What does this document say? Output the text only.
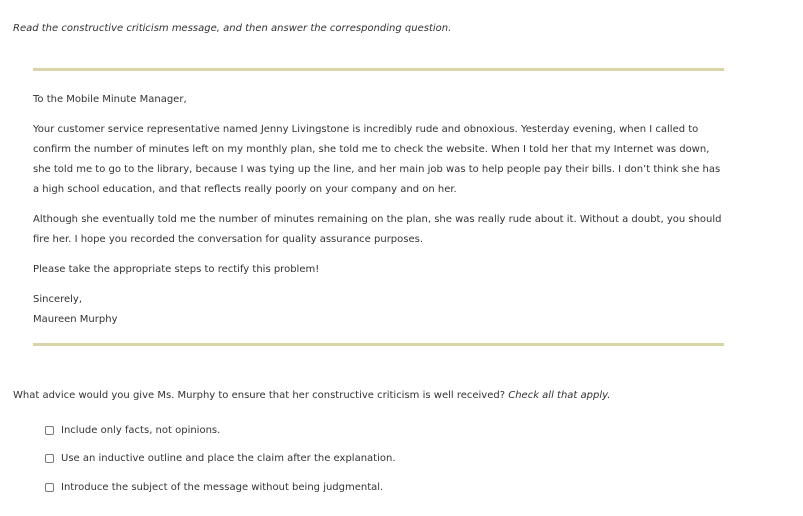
Read the constructive criticism message, and then answer the corresponding question.

To the Mobile Minute Manager,

Your customer service representative named Jenny Livingstone is incredibly rude and obnoxious. Yesterday evening, when I called to confirm the number of minutes left on my monthly plan, she told me to check the website. When I told her that my Internet was down, she told me to go to the library, because I was tying up the line, and her main job was to help people pay their bills. I don’t think she has a high school education, and that reflects really poorly on your company and on her.

Although she eventually told me the number of minutes remaining on the plan, she was really rude about it. Without a doubt, you should fire her. I hope you recorded the conversation for quality assurance purposes.

Please take the appropriate steps to rectify this problem!

Sincerely,

Maureen Murphy

What advice would you give Ms. Murphy to ensure that her constructive criticism is well received? Check all that apply.
Include only facts, not opinions.
Use an inductive outline and place the claim after the explanation.
Introduce the subject of the message without being judgmental.
